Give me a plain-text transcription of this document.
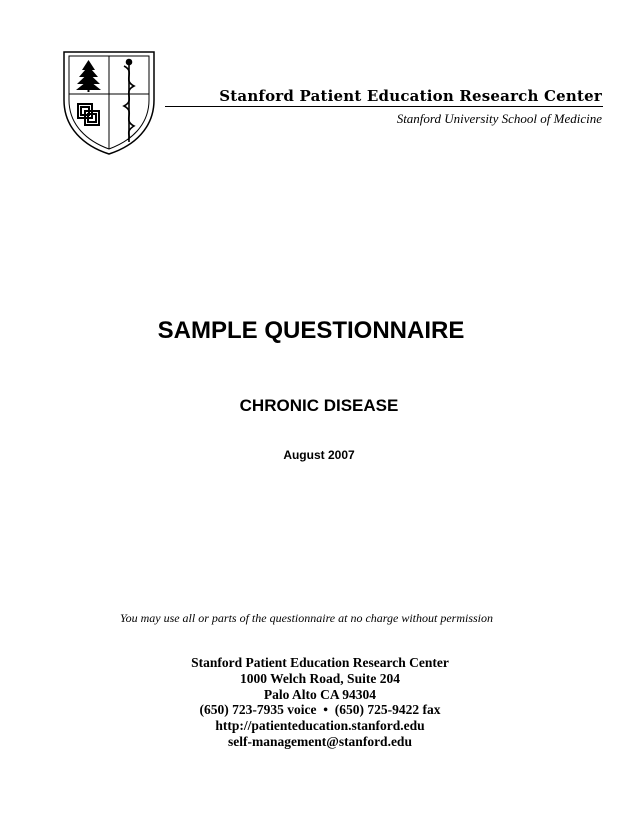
Stanford Patient Education Research Center
Stanford University School of Medicine
SAMPLE QUESTIONNAIRE
CHRONIC DISEASE
August 2007
You may use all or parts of the questionnaire at no charge without permission
Stanford Patient Education Research Center
1000 Welch Road, Suite 204
Palo Alto CA 94304
(650) 723-7935 voice  •  (650) 725-9422 fax
http://patienteducation.stanford.edu
self-management@stanford.edu
